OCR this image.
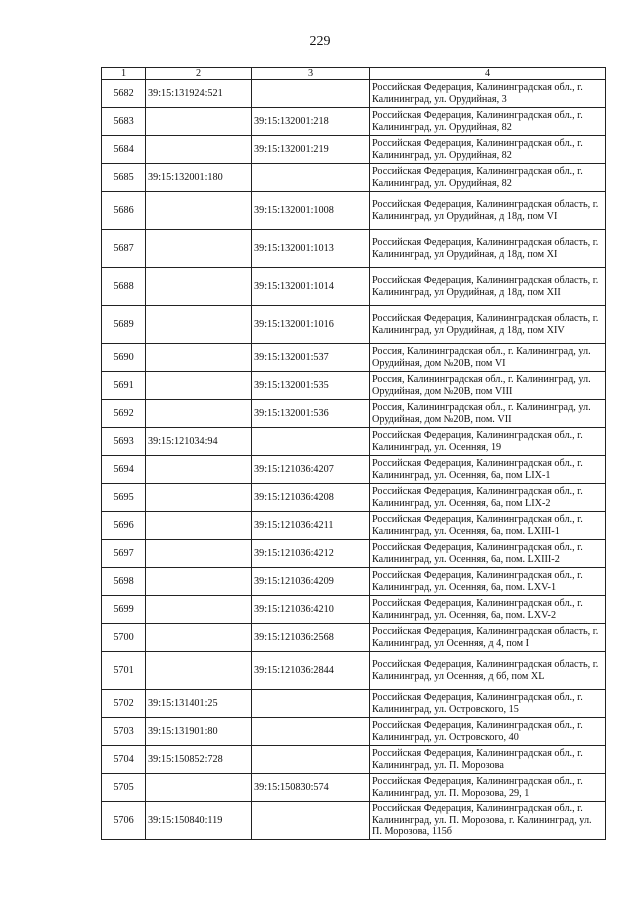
229
1	2	3	4
5682	39:15:131924:521		Российская Федерация, Калининградская обл., г. Калининград, ул. Орудийная, 3
5683		39:15:132001:218	Российская Федерация, Калининградская обл., г. Калининград, ул. Орудийная, 82
5684		39:15:132001:219	Российская Федерация, Калининградская обл., г. Калининград, ул. Орудийная, 82
5685	39:15:132001:180		Российская Федерация, Калининградская обл., г. Калининград, ул. Орудийная, 82
5686		39:15:132001:1008	Российская Федерация, Калининградская область, г. Калининград, ул Орудийная, д 18д, пом VI
5687		39:15:132001:1013	Российская Федерация, Калининградская область, г. Калининград, ул Орудийная, д 18д, пом XI
5688		39:15:132001:1014	Российская Федерация, Калининградская область, г. Калининград, ул Орудийная, д 18д, пом XII
5689		39:15:132001:1016	Российская Федерация, Калининградская область, г. Калининград, ул Орудийная, д 18д, пом XIV
5690		39:15:132001:537	Россия, Калининградская обл., г. Калининград, ул. Орудийная, дом №20В, пом VI
5691		39:15:132001:535	Россия, Калининградская обл., г. Калининград, ул. Орудийная, дом №20В, пом VIII
5692		39:15:132001:536	Россия, Калининградская обл., г. Калининград, ул. Орудийная, дом №20В, пом. VII
5693	39:15:121034:94		Российская Федерация, Калининградская обл., г. Калининград, ул. Осенняя, 19
5694		39:15:121036:4207	Российская Федерация, Калининградская обл., г. Калининград, ул. Осенняя, 6а, пом LIX-1
5695		39:15:121036:4208	Российская Федерация, Калининградская обл., г. Калининград, ул. Осенняя, 6а, пом LIX-2
5696		39:15:121036:4211	Российская Федерация, Калининградская обл., г. Калининград, ул. Осенняя, 6а, пом. LXIII-1
5697		39:15:121036:4212	Российская Федерация, Калининградская обл., г. Калининград, ул. Осенняя, 6а, пом. LXIII-2
5698		39:15:121036:4209	Российская Федерация, Калининградская обл., г. Калининград, ул. Осенняя, 6а, пом. LXV-1
5699		39:15:121036:4210	Российская Федерация, Калининградская обл., г. Калининград, ул. Осенняя, 6а, пом. LXV-2
5700		39:15:121036:2568	Российская Федерация, Калининградская область, г. Калининград, ул Осенняя, д 4, пом I
5701		39:15:121036:2844	Российская Федерация, Калининградская область, г. Калининград, ул Осенняя, д 6б, пом XL
5702	39:15:131401:25		Российская Федерация, Калининградская обл., г. Калининград, ул. Островского, 15
5703	39:15:131901:80		Российская Федерация, Калининградская обл., г. Калининград, ул. Островского, 40
5704	39:15:150852:728		Российская Федерация, Калининградская обл., г. Калининград, ул. П. Морозова
5705		39:15:150830:574	Российская Федерация, Калининградская обл., г. Калининград, ул. П. Морозова, 29, 1
5706	39:15:150840:119		Российская Федерация, Калининградская обл., г. Калининград, ул. П. Морозова, г. Калининград, ул. П. Морозова, 115б
